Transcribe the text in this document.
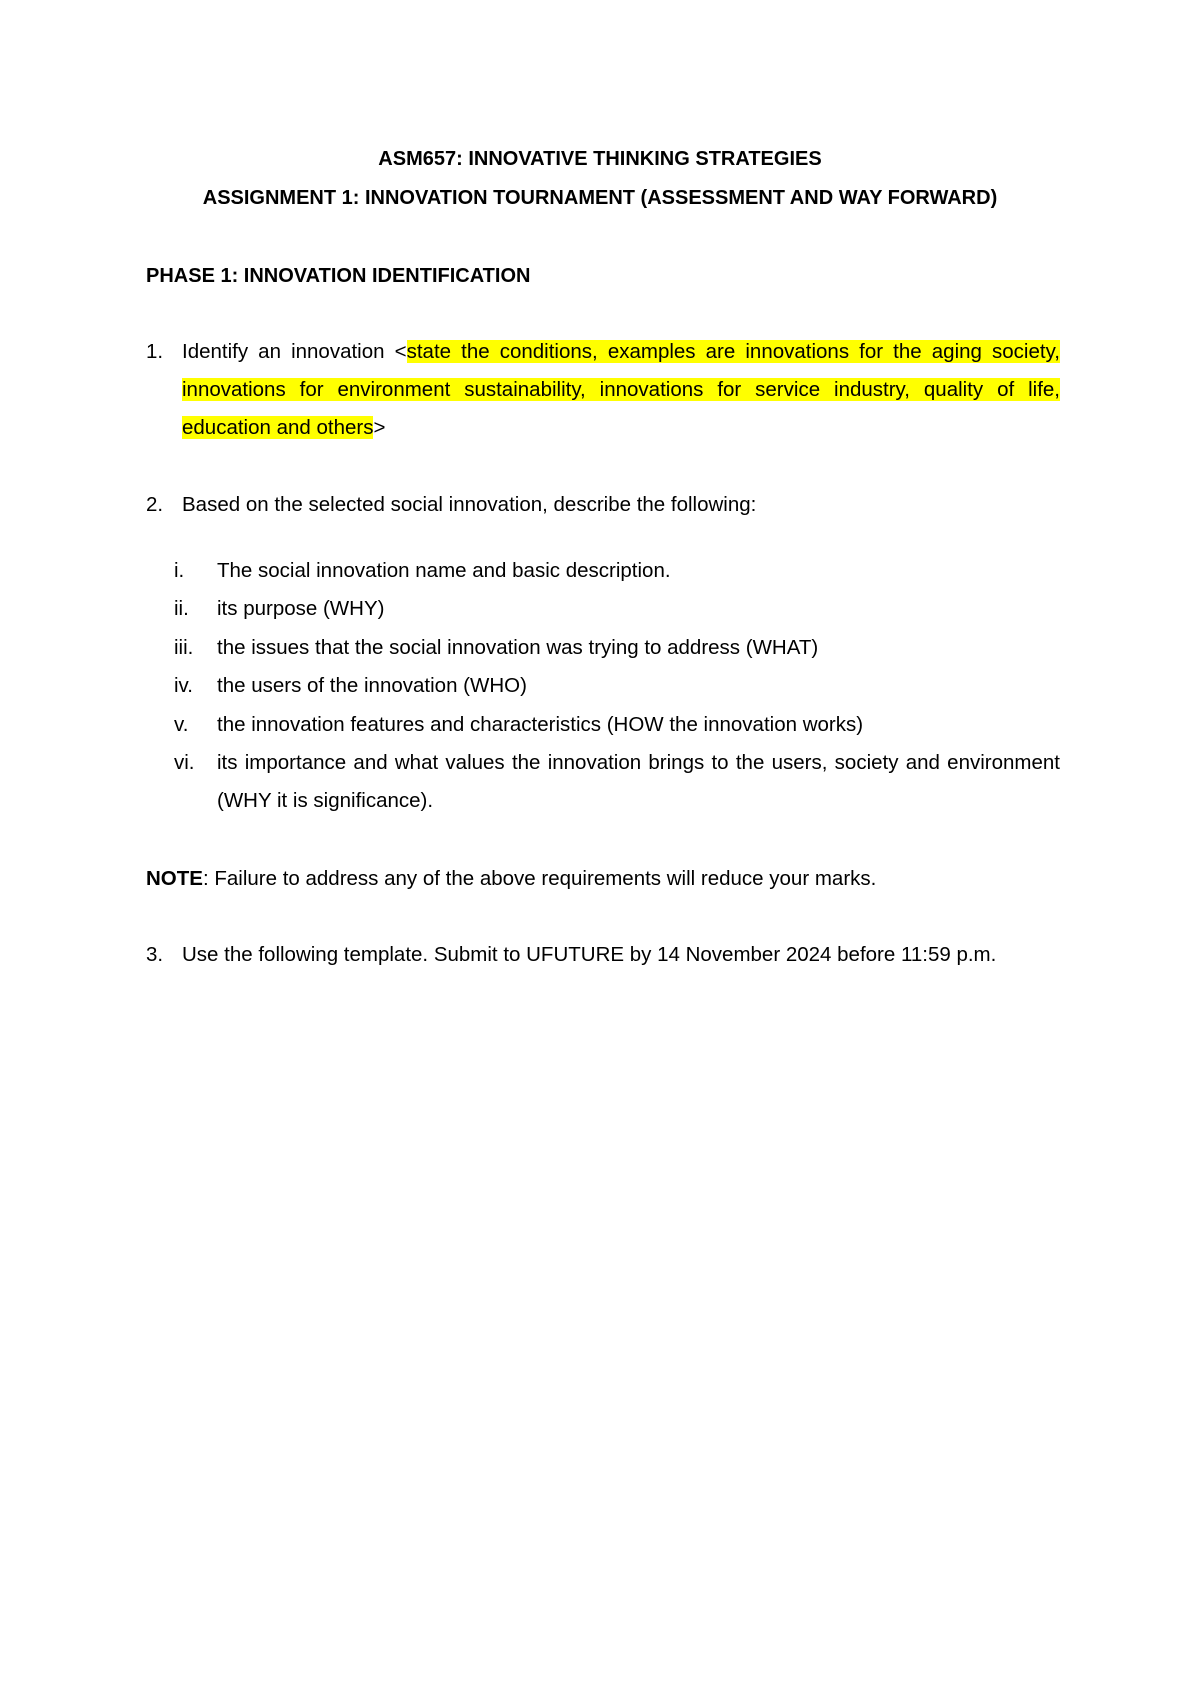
ASM657: INNOVATIVE THINKING STRATEGIES
ASSIGNMENT 1: INNOVATION TOURNAMENT (ASSESSMENT AND WAY FORWARD)
PHASE 1: INNOVATION IDENTIFICATION
1. Identify an innovation <state the conditions, examples are innovations for the aging society, innovations for environment sustainability, innovations for service industry, quality of life, education and others>
2. Based on the selected social innovation, describe the following:
i. The social innovation name and basic description.
ii. its purpose (WHY)
iii. the issues that the social innovation was trying to address (WHAT)
iv. the users of the innovation (WHO)
v. the innovation features and characteristics (HOW the innovation works)
vi. its importance and what values the innovation brings to the users, society and environment (WHY it is significance).
NOTE: Failure to address any of the above requirements will reduce your marks.
3. Use the following template. Submit to UFUTURE by 14 November 2024 before 11:59 p.m.
